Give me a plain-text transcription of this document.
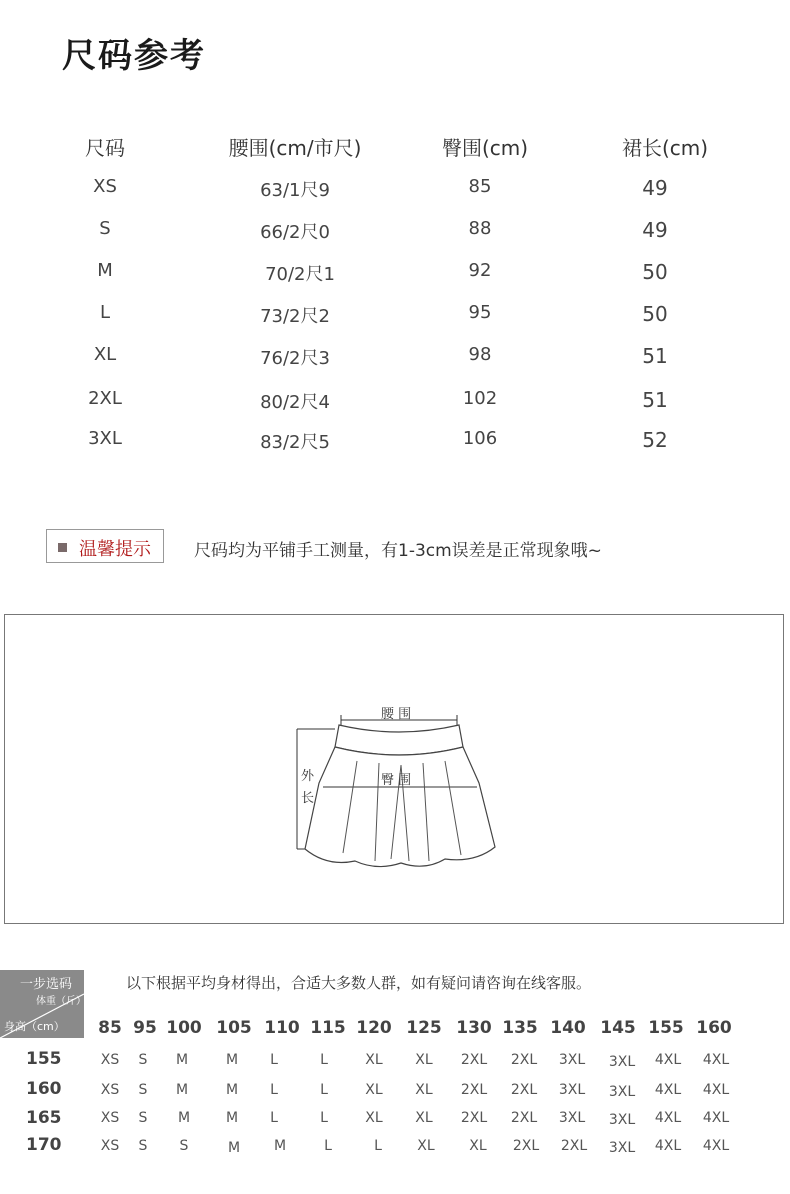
尺码参考
尺码	腰围(cm/市尺)	臀围(cm)	裙长(cm)
XS	63/1尺9	85	49
S	66/2尺0	88	49
M	70/2尺1	92	50
L	73/2尺2	95	50
XL	76/2尺3	98	51
2XL	80/2尺4	102	51
3XL	83/2尺5	106	52
温馨提示	尺码均为平铺手工测量，有1-3cm误差是正常现象哦~
腰 围
臀 围
外
长
一步选码
体重（斤）
身高（cm）
以下根据平均身材得出，合适大多数人群，如有疑问请咨询在线客服。
85 95 100 105 110 115 120 125 130 135 140 145 155 160
155	XS	S	M	M	L	L	XL	XL	2XL	2XL	3XL	3XL	4XL	4XL
160	XS	S	M	M	L	L	XL	XL	2XL	2XL	3XL	3XL	4XL	4XL
165	XS	S	M	M	L	L	XL	XL	2XL	2XL	3XL	3XL	4XL	4XL
170	XS	S	S	M	M	L	L	XL	XL	2XL	2XL	3XL	4XL	4XL
